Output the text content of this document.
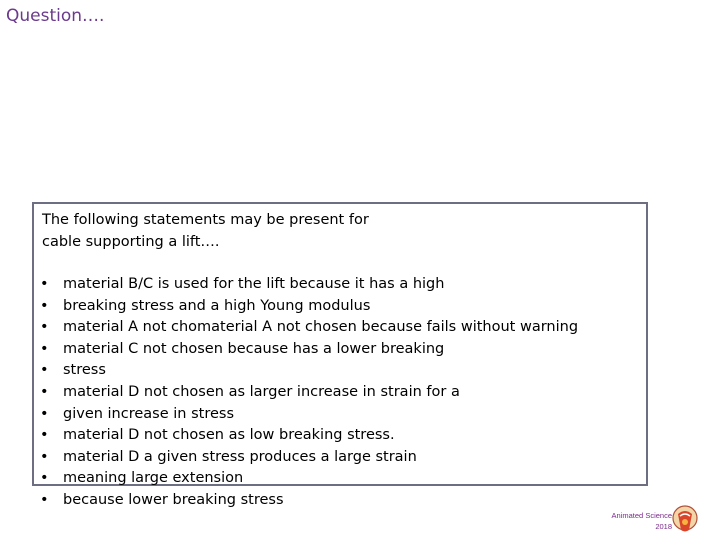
Question….
The following statements may be present for
cable supporting a lift….
• material B/C is used for the lift because it has a high
• breaking stress and a high Young modulus
• material A not chomaterial A not chosen because fails without warning
• material C not chosen because has a lower breaking
• stress
• material D not chosen as larger increase in strain for a
• given increase in stress
• material D not chosen as low breaking stress.
• material D a given stress produces a large strain
• meaning large extension
• because lower breaking stress
Animated Science
2018
